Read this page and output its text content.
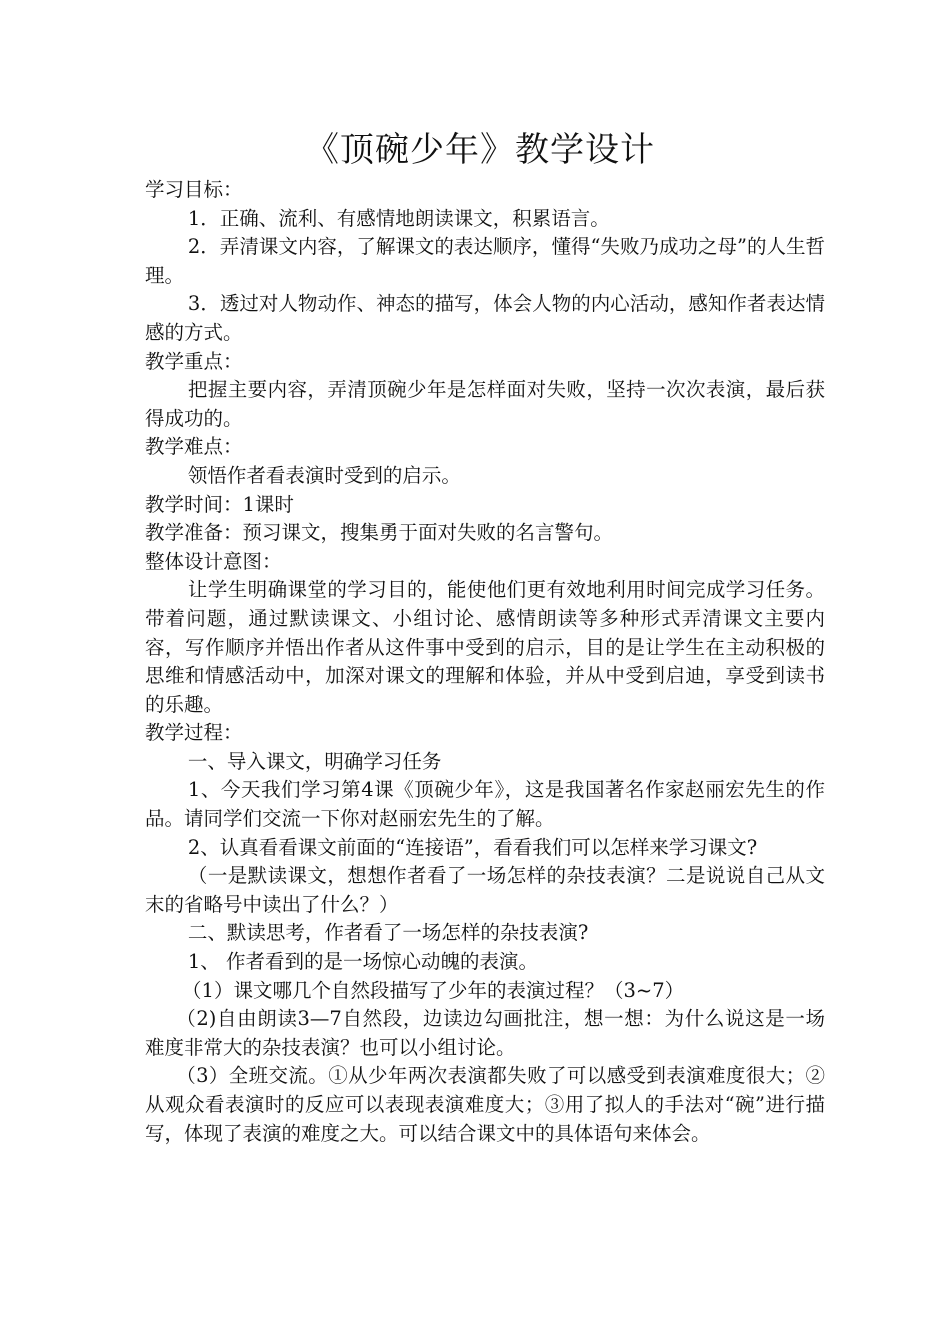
《顶碗少年》教学设计

学习目标：

1．正确、流利、有感情地朗读课文，积累语言。

2．弄清课文内容，了解课文的表达顺序，懂得“失败乃成功之母”的人生哲理。

3．透过对人物动作、神态的描写，体会人物的内心活动，感知作者表达情感的方式。

教学重点：

把握主要内容，弄清顶碗少年是怎样面对失败，坚持一次次表演，最后获得成功的。

教学难点：

领悟作者看表演时受到的启示。

教学时间：1课时

教学准备：预习课文，搜集勇于面对失败的名言警句。

整体设计意图：

让学生明确课堂的学习目的，能使他们更有效地利用时间完成学习任务。带着问题，通过默读课文、小组讨论、感情朗读等多种形式弄清课文主要内容，写作顺序并悟出作者从这件事中受到的启示，目的是让学生在主动积极的思维和情感活动中，加深对课文的理解和体验，并从中受到启迪，享受到读书的乐趣。

教学过程：

一、导入课文，明确学习任务

1、今天我们学习第4课《顶碗少年》，这是我国著名作家赵丽宏先生的作品。请同学们交流一下你对赵丽宏先生的了解。

2、认真看看课文前面的“连接语”，看看我们可以怎样来学习课文?

（一是默读课文，想想作者看了一场怎样的杂技表演？二是说说自己从文末的省略号中读出了什么？）

二、默读思考，作者看了一场怎样的杂技表演?

1、 作者看到的是一场惊心动魄的表演。

（1）课文哪几个自然段描写了少年的表演过程？（3~7）

（2)自由朗读3—7自然段，边读边勾画批注，想一想：为什么说这是一场难度非常大的杂技表演？也可以小组讨论。

（3）全班交流。①从少年两次表演都失败了可以感受到表演难度很大；②从观众看表演时的反应可以表现表演难度大；③用了拟人的手法对“碗”进行描写，体现了表演的难度之大。可以结合课文中的具体语句来体会。
